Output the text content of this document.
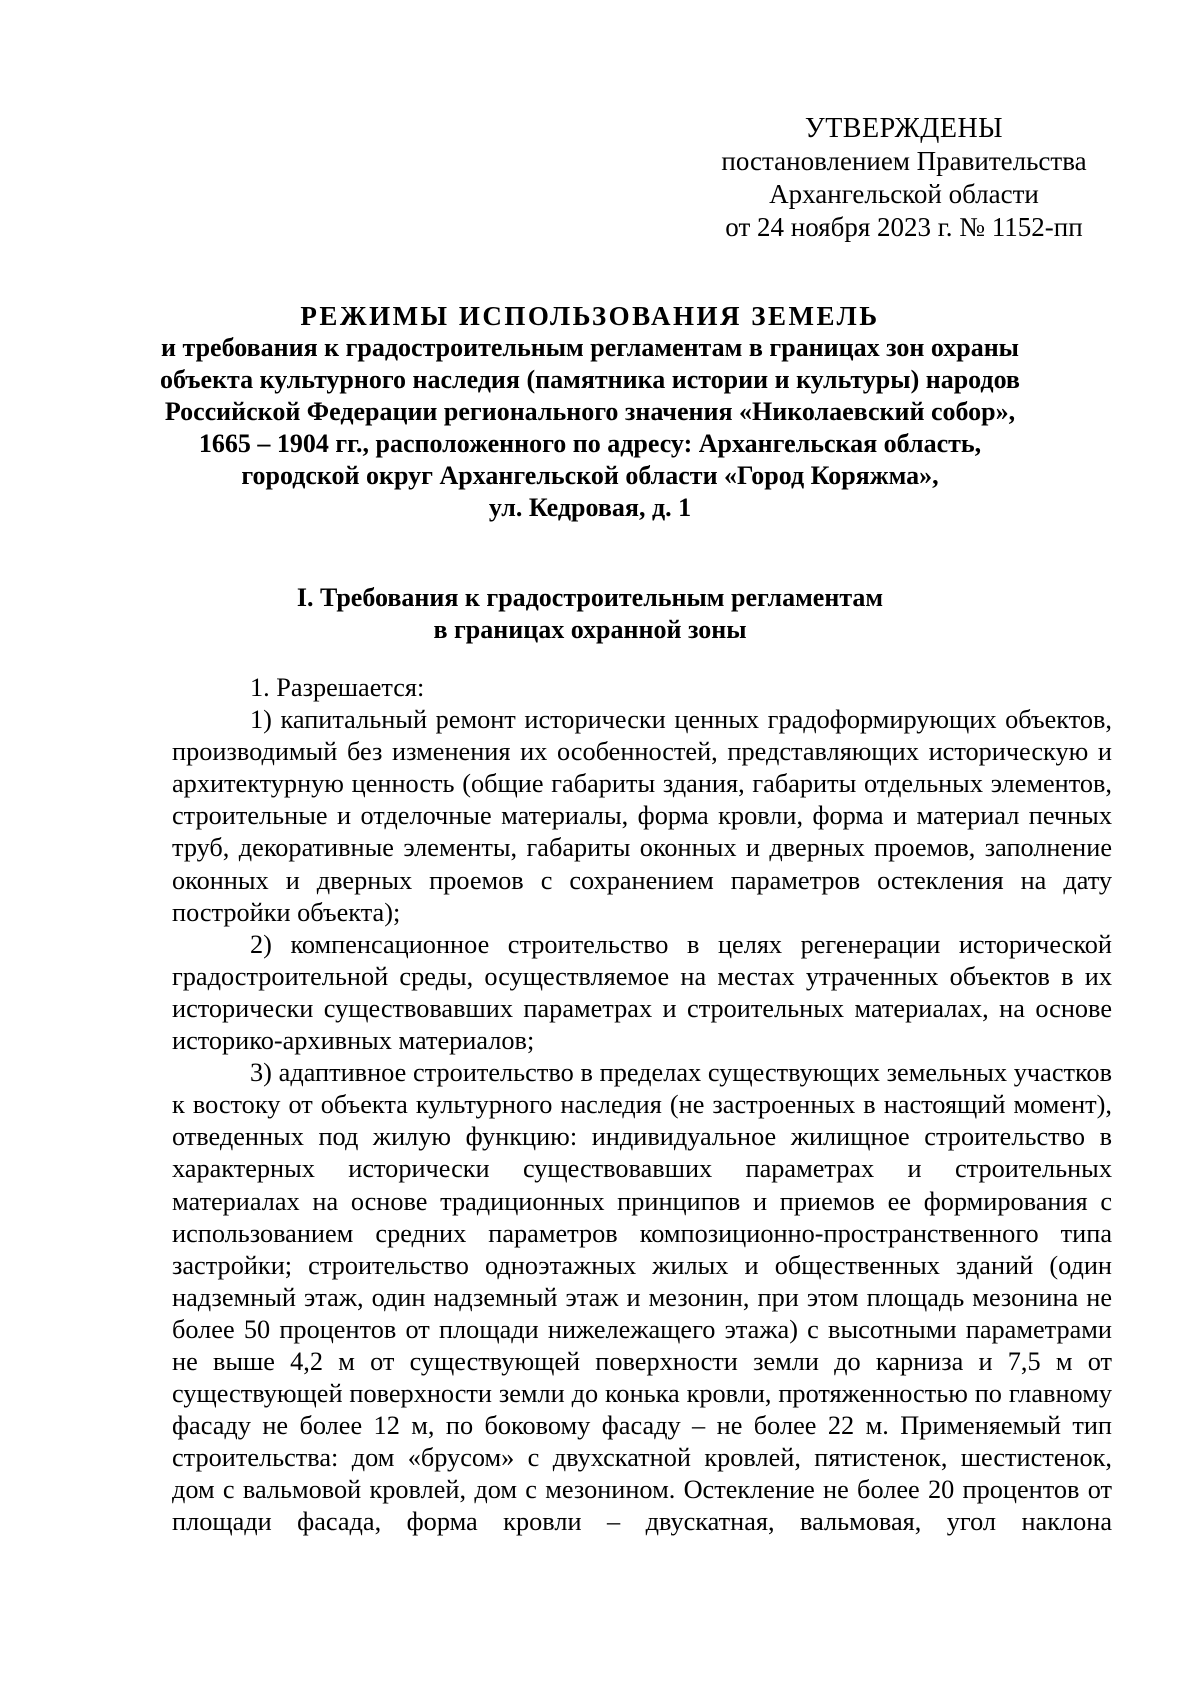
УТВЕРЖДЕНЫ
постановлением Правительства
Архангельской области
от 24 ноября 2023 г. № 1152-пп
РЕЖИМЫ ИСПОЛЬЗОВАНИЯ ЗЕМЕЛЬ
и требования к градостроительным регламентам в границах зон охраны
объекта культурного наследия (памятника истории и культуры) народов
Российской Федерации регионального значения «Николаевский собор»,
1665 – 1904 гг., расположенного по адресу: Архангельская область,
городской округ Архангельской области «Город Коряжма»,
ул. Кедровая, д. 1
I. Требования к градостроительным регламентам
в границах охранной зоны

1. Разрешается:

1) капитальный ремонт исторически ценных градоформирующих объектов, производимый без изменения их особенностей, представляющих историческую и архитектурную ценность (общие габариты здания, габариты отдельных элементов, строительные и отделочные материалы, форма кровли, форма и материал печных труб, декоративные элементы, габариты оконных и дверных проемов, заполнение оконных и дверных проемов с сохранением параметров остекления на дату постройки объекта);

2) компенсационное строительство в целях регенерации исторической градостроительной среды, осуществляемое на местах утраченных объектов в их исторически существовавших параметрах и строительных материалах, на основе историко-архивных материалов;

3) адаптивное строительство в пределах существующих земельных участков к востоку от объекта культурного наследия (не застроенных в настоящий момент), отведенных под жилую функцию: индивидуальное жилищное строительство в характерных исторически существовавших параметрах и строительных материалах на основе традиционных принципов и приемов ее формирования с использованием средних параметров композиционно-пространственного типа застройки; строительство одноэтажных жилых и общественных зданий (один надземный этаж, один надземный этаж и мезонин, при этом площадь мезонина не более 50 процентов от площади нижележащего этажа) с высотными параметрами не выше 4,2 м от существующей поверхности земли до карниза и 7,5 м от существующей поверхности земли до конька кровли, протяженностью по главному фасаду не более 12 м, по боковому фасаду – не более 22 м. Применяемый тип строительства: дом «брусом» с двухскатной кровлей, пятистенок, шестистенок, дом с вальмовой кровлей, дом с мезонином. Остекление не более 20 процентов от площади фасада, форма кровли – двускатная, вальмовая, угол наклона
